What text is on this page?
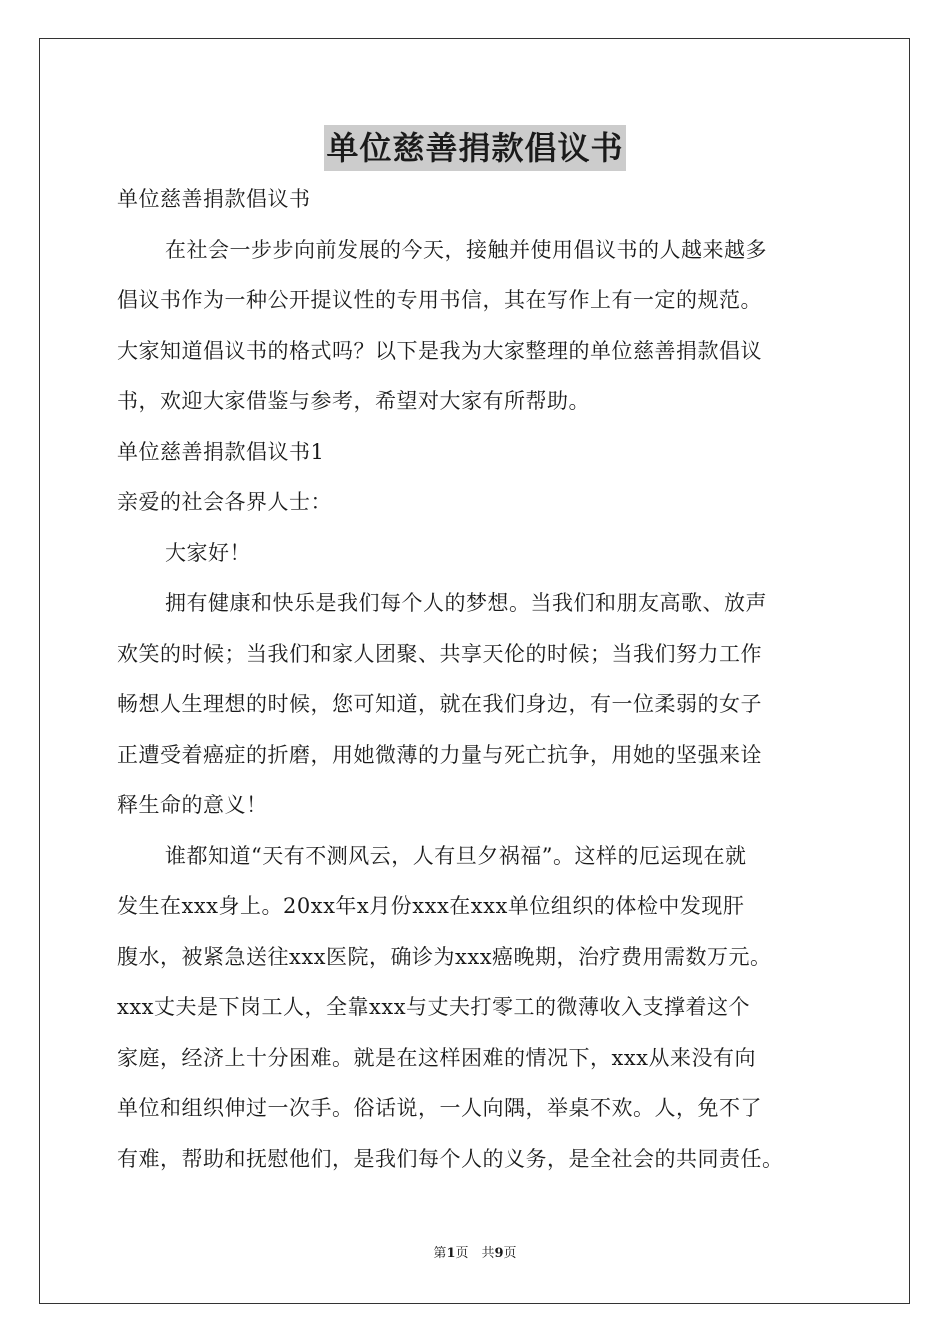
单位慈善捐款倡议书

单位慈善捐款倡议书

在社会一步步向前发展的今天，接触并使用倡议书的人越来越多

倡议书作为一种公开提议性的专用书信，其在写作上有一定的规范。

大家知道倡议书的格式吗？以下是我为大家整理的单位慈善捐款倡议

书，欢迎大家借鉴与参考，希望对大家有所帮助。

单位慈善捐款倡议书1

亲爱的社会各界人士：

大家好！

拥有健康和快乐是我们每个人的梦想。当我们和朋友高歌、放声

欢笑的时候；当我们和家人团聚、共享天伦的时候；当我们努力工作

畅想人生理想的时候，您可知道，就在我们身边，有一位柔弱的女子

正遭受着癌症的折磨，用她微薄的力量与死亡抗争，用她的坚强来诠

释生命的意义！

谁都知道“天有不测风云，人有旦夕祸福”。这样的厄运现在就

发生在xxx身上。20xx年x月份xxx在xxx单位组织的体检中发现肝

腹水，被紧急送往xxx医院，确诊为xxx癌晚期，治疗费用需数万元。

xxx丈夫是下岗工人，全靠xxx与丈夫打零工的微薄收入支撑着这个

家庭，经济上十分困难。就是在这样困难的情况下，xxx从来没有向

单位和组织伸过一次手。俗话说，一人向隅，举桌不欢。人，免不了

有难，帮助和抚慰他们，是我们每个人的义务，是全社会的共同责任。

第1页　共9页
